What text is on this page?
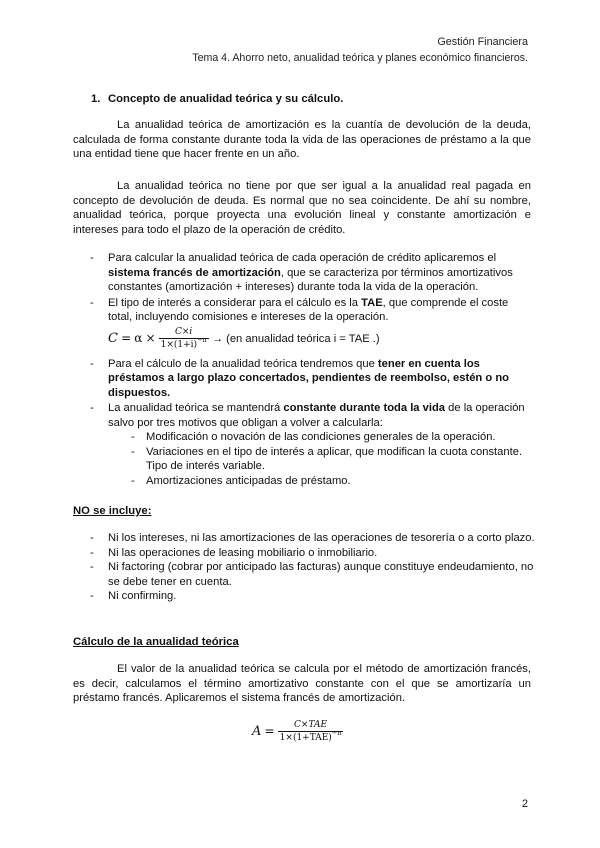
Gestión Financiera
Tema 4. Ahorro neto, anualidad teórica y planes económico financieros.
1. Concepto de anualidad teórica y su cálculo.
La anualidad teórica de amortización es la cuantía de devolución de la deuda, calculada de forma constante durante toda la vida de las operaciones de préstamo a la que una entidad tiene que hacer frente en un año.
La anualidad teórica no tiene por que ser igual a la anualidad real pagada en concepto de devolución de deuda. Es normal que no sea coincidente. De ahí su nombre, anualidad teórica, porque proyecta una evolución lineal y constante amortización e intereses para todo el plazo de la operación de crédito.
- Para calcular la anualidad teórica de cada operación de crédito aplicaremos el sistema francés de amortización, que se caracteriza por términos amortizativos constantes (amortización + intereses) durante toda la vida de la operación.
- El tipo de interés a considerar para el cálculo es la TAE, que comprende el coste total, incluyendo comisiones e intereses de la operación.
$C = \alpha \times \frac{C\times i}{1\times(1+i)^{-n}} \to (en$ anualidad teórica i = TAE .)
- Para el cálculo de la anualidad teórica tendremos que tener en cuenta los préstamos a largo plazo concertados, pendientes de reembolso, estén o no dispuestos.
- La anualidad teórica se mantendrá constante durante toda la vida de la operación salvo por tres motivos que obligan a volver a calcularla:
- Modificación o novación de las condiciones generales de la operación.
- Variaciones en el tipo de interés a aplicar, que modifican la cuota constante. Tipo de interés variable.
- Amortizaciones anticipadas de préstamo.
NO se incluye:
- Ni los intereses, ni las amortizaciones de las operaciones de tesorería o a corto plazo.
- Ni las operaciones de leasing mobiliario o inmobiliario.
- Ni factoring (cobrar por anticipado las facturas) aunque constituye endeudamiento, no se debe tener en cuenta.
- Ni confirming.
Cálculo de la anualidad teórica
El valor de la anualidad teórica se calcula por el método de amortización francés, es decir, calculamos el término amortizativo constante con el que se amortizaría un préstamo francés. Aplicaremos el sistema francés de amortización.
$A = \frac{\text{C×TAE}}{1\times(1+TAE)^{-n}}$
2
